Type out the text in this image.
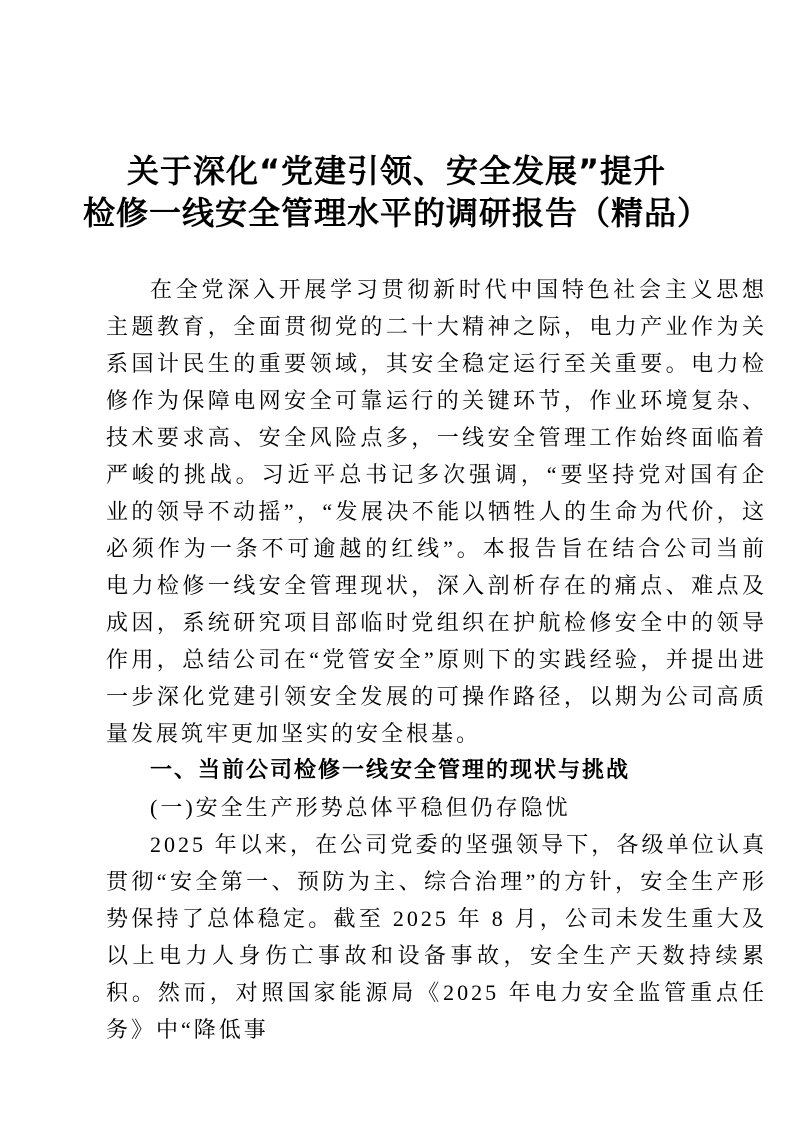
关于深化“党建引领、安全发展”提升
检修一线安全管理水平的调研报告（精品）

在全党深入开展学习贯彻新时代中国特色社会主义思想主题教育，全面贯彻党的二十大精神之际，电力产业作为关系国计民生的重要领域，其安全稳定运行至关重要。电力检修作为保障电网安全可靠运行的关键环节，作业环境复杂、技术要求高、安全风险点多，一线安全管理工作始终面临着严峻的挑战。习近平总书记多次强调，“要坚持党对国有企业的领导不动摇”，“发展决不能以牺牲人的生命为代价，这必须作为一条不可逾越的红线”。本报告旨在结合公司当前电力检修一线安全管理现状，深入剖析存在的痛点、难点及成因，系统研究项目部临时党组织在护航检修安全中的领导作用，总结公司在“党管安全”原则下的实践经验，并提出进一步深化党建引领安全发展的可操作路径，以期为公司高质量发展筑牢更加坚实的安全根基。

一、当前公司检修一线安全管理的现状与挑战
(一)安全生产形势总体平稳但仍存隐忧

2025 年以来，在公司党委的坚强领导下，各级单位认真贯彻“安全第一、预防为主、综合治理”的方针，安全生产形势保持了总体稳定。截至 2025 年 8 月，公司未发生重大及以上电力人身伤亡事故和设备事故，安全生产天数持续累积。然而，对照国家能源局《2025 年电力安全监管重点任务》中“降低事
